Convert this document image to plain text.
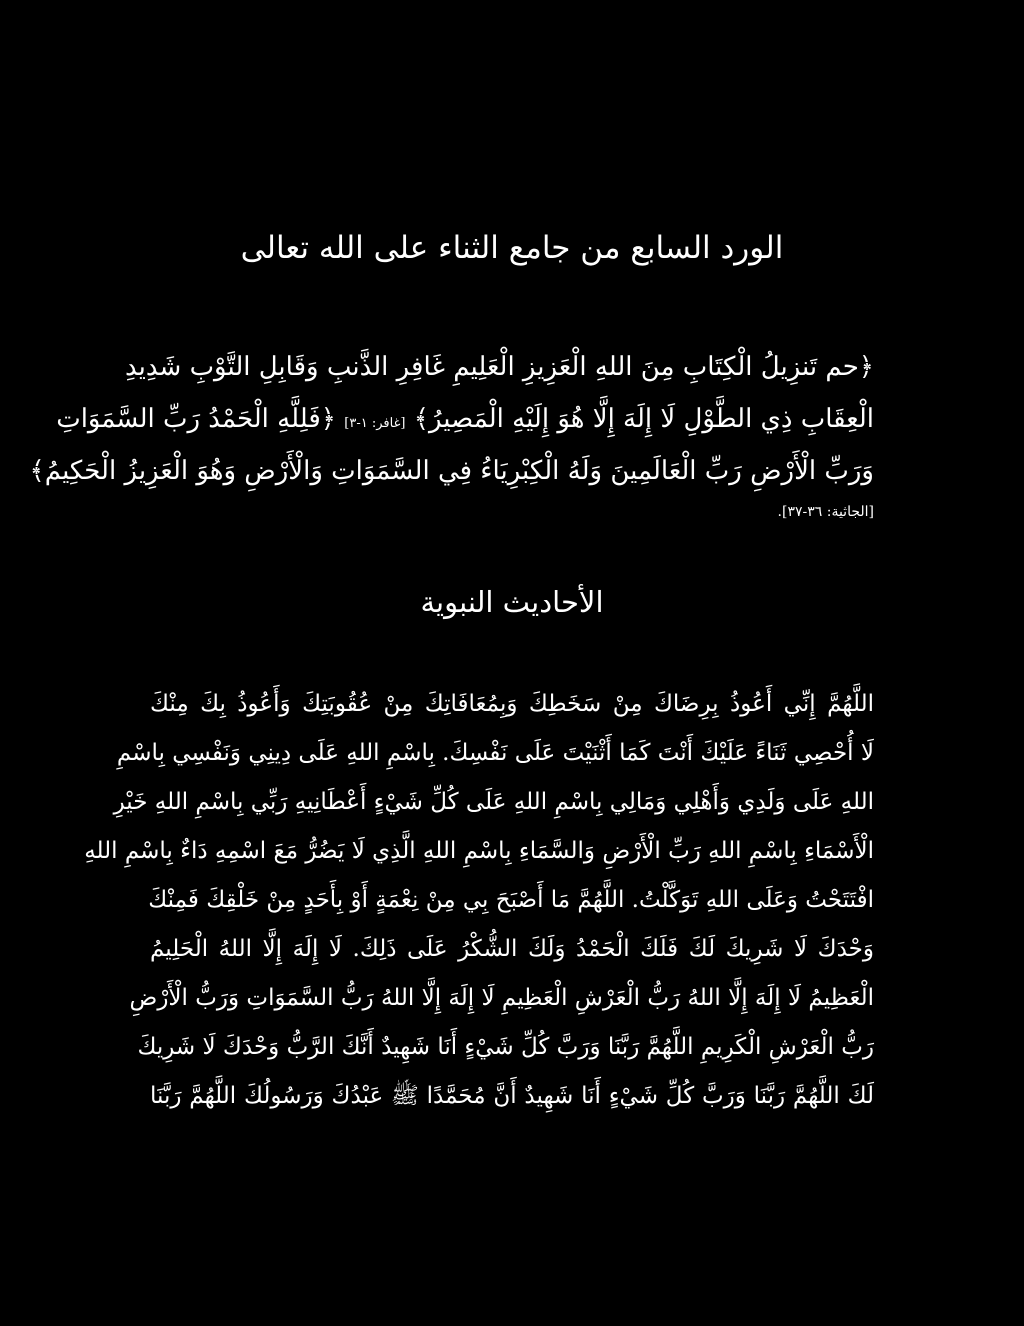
الورد السابع من جامع الثناء على الله تعالى
﴿حم تَنزِيلُ الْكِتَابِ مِنَ اللهِ الْعَزِيزِ الْعَلِيمِ غَافِرِ الذَّنبِ وَقَابِلِ التَّوْبِ شَدِيدِ
الْعِقَابِ ذِي الطَّوْلِ لَا إِلَهَ إِلَّا هُوَ إِلَيْهِ الْمَصِيرُ﴾ [غافر: ١-٣] ﴿فَلِلَّهِ الْحَمْدُ رَبِّ السَّمَوَاتِ
وَرَبِّ الْأَرْضِ رَبِّ الْعَالَمِينَ وَلَهُ الْكِبْرِيَاءُ فِي السَّمَوَاتِ وَالْأَرْضِ وَهُوَ الْعَزِيزُ الْحَكِيمُ﴾
[الجاثية: ٣٦-٣٧].
الأحاديث النبوية
اللَّهُمَّ إِنِّي أَعُوذُ بِرِضَاكَ مِنْ سَخَطِكَ وَبِمُعَافَاتِكَ مِنْ عُقُوبَتِكَ وَأَعُوذُ بِكَ مِنْكَ
لَا أُحْصِي ثَنَاءً عَلَيْكَ أَنْتَ كَمَا أَثْنَيْتَ عَلَى نَفْسِكَ. بِاسْمِ اللهِ عَلَى دِينِي وَنَفْسِي بِاسْمِ
اللهِ عَلَى وَلَدِي وَأَهْلِي وَمَالِي بِاسْمِ اللهِ عَلَى كُلِّ شَيْءٍ أَعْطَانِيهِ رَبِّي بِاسْمِ اللهِ خَيْرِ
الْأَسْمَاءِ بِاسْمِ اللهِ رَبِّ الْأَرْضِ وَالسَّمَاءِ بِاسْمِ اللهِ الَّذِي لَا يَضُرُّ مَعَ اسْمِهِ دَاءٌ بِاسْمِ اللهِ
افْتَتَحْتُ وَعَلَى اللهِ تَوَكَّلْتُ. اللَّهُمَّ مَا أَصْبَحَ بِي مِنْ نِعْمَةٍ أَوْ بِأَحَدٍ مِنْ خَلْقِكَ فَمِنْكَ
وَحْدَكَ لَا شَرِيكَ لَكَ فَلَكَ الْحَمْدُ وَلَكَ الشُّكْرُ عَلَى ذَلِكَ. لَا إِلَهَ إِلَّا اللهُ الْحَلِيمُ
الْعَظِيمُ لَا إِلَهَ إِلَّا اللهُ رَبُّ الْعَرْشِ الْعَظِيمِ لَا إِلَهَ إِلَّا اللهُ رَبُّ السَّمَوَاتِ وَرَبُّ الْأَرْضِ
رَبُّ الْعَرْشِ الْكَرِيمِ اللَّهُمَّ رَبَّنَا وَرَبَّ كُلِّ شَيْءٍ أَنَا شَهِيدٌ أَنَّكَ الرَّبُّ وَحْدَكَ لَا شَرِيكَ
لَكَ اللَّهُمَّ رَبَّنَا وَرَبَّ كُلِّ شَيْءٍ أَنَا شَهِيدٌ أَنَّ مُحَمَّدًا ﷺ عَبْدُكَ وَرَسُولُكَ اللَّهُمَّ رَبَّنَا
